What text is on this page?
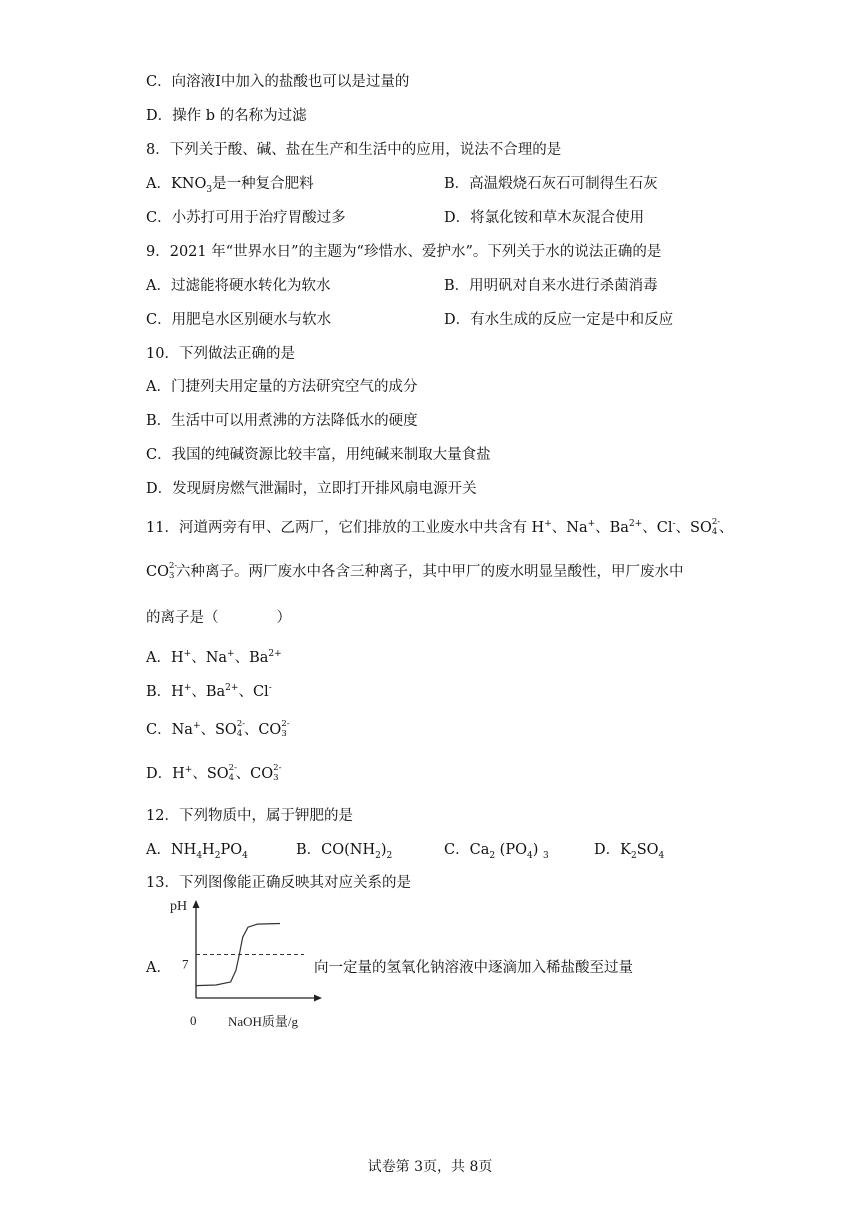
C．向溶液I中加入的盐酸也可以是过量的
D．操作 b 的名称为过滤
8．下列关于酸、碱、盐在生产和生活中的应用，说法不合理的是
A．$KNO_3$是一种复合肥料	B．高温煅烧石灰石可制得生石灰
C．小苏打可用于治疗胃酸过多	D．将氯化铵和草木灰混合使用
9．2021 年“世界水日”的主题为“珍惜水、爱护水”。下列关于水的说法正确的是
A．过滤能将硬水转化为软水	B．用明矾对自来水进行杀菌消毒
C．用肥皂水区别硬水与软水	D．有水生成的反应一定是中和反应
10．下列做法正确的是
A．门捷列夫用定量的方法研究空气的成分
B．生活中可以用煮沸的方法降低水的硬度
C．我国的纯碱资源比较丰富，用纯碱来制取大量食盐
D．发现厨房燃气泄漏时，立即打开排风扇电源开关
11．河道两旁有甲、乙两厂，它们排放的工业废水中共含有 H+、Na+、$Ba^{2+}$、Cl-、SO 2-
4 、
CO 2-
3 六种离子。两厂废水中各含三种离子，其中甲厂的废水明显呈酸性，甲厂废水中
的离子是（	）
A．H+、Na+、$Ba^{2+}$
B．H+、$Ba^{2+}$、Cl-
C．Na+、SO 2-
4 、CO 2-
3
D．H+、SO 2-
4 、CO 2-
3
12．下列物质中，属于钾肥的是
A．$NH_4H_2PO_4$	B．$CO(NH_2)_2$	C．$Ca_2$ $(PO_4)$ $_3$	D．$K_2SO_4$
13．下列图像能正确反映其对应关系的是
A．	向一定量的氢氧化钠溶液中逐滴加入稀盐酸至过量
pH
7
0 NaOH质量/g
试卷第 3页，共 8页
